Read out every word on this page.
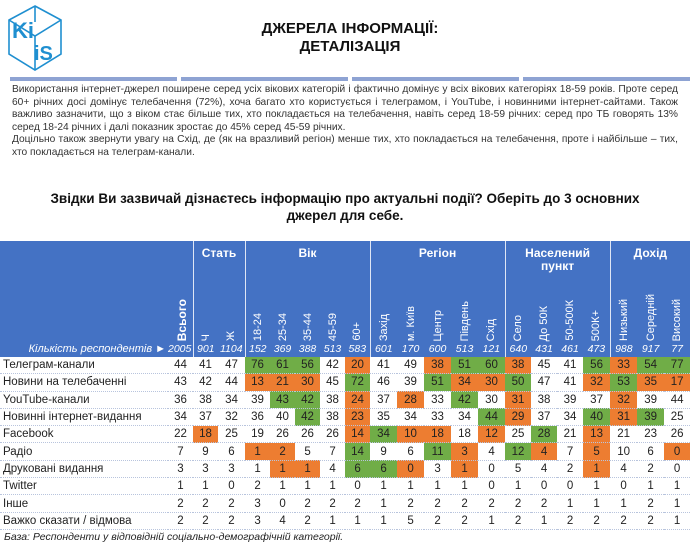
Ki
iS
ДЖЕРЕЛА ІНФОРМАЦІЇ:
ДЕТАЛІЗАЦІЯ

Використання інтернет-джерел поширене серед усіх вікових категорій і фактично домінує у всіх вікових категоріях 18-59 років. Проте серед 60+ річних досі домінує телебачення (72%), хоча багато хто користується і телеграмом, і YouTube, і новинними інтернет-сайтами. Також важливо зазначити, що з віком стає більше тих, хто покладається на телебачення, навіть серед 18-59 річних: серед про ТБ говорять 13% серед 18-24 річних і далі показник зростає до 45% серед 45-59 річних.

Доцільно також звернути увагу на Схід, де (як на вразливий регіон) менше тих, хто покладається на телебачення, проте і найбільше – тих, хто покладається на телеграм-канали.

Звідки Ви зазвичай дізнаєтесь інформацію про актуальні події? Оберіть до 3 основних джерел для себе.
Всього		Стать		Вік					Регіон					Населений пункт				Дохід		

		Ч	Ж	18-24	25-34	35-44	45-59	60+	Захід	м. Київ	Центр	Південь	Схід	Село	До 50К	50-500К	500К+	Низький	Середній	Високий

Кількість респондентів ►	2005	901	1104	152	369	388	513	583	601	170	600	513	121	640	431	461	473	988	917	77
Телеграм-канали	44	41	47	76	61	56	42	20	41	49	38	51	60	38	45	41	56	33	54	77
Новини на телебаченні	43	42	44	13	21	30	45	72	46	39	51	34	30	50	47	41	32	53	35	17
YouTube-канали	36	38	34	39	43	42	38	24	37	28	33	42	30	31	38	39	37	32	39	44
Новинні інтернет-видання	34	37	32	36	40	42	38	23	35	34	33	34	44	29	37	34	40	31	39	25
Facebook	22	18	25	19	26	26	26	14	34	10	18	18	12	25	28	21	13	21	23	26
Радіо	7	9	6	1	2	5	7	14	9	6	11	3	4	12	4	7	5	10	6	0
Друковані видання	3	3	3	1	1	1	4	6	6	0	3	1	0	5	4	2	1	4	2	0
Twitter	1	1	0	2	1	1	1	0	1	1	1	1	0	1	0	0	1	0	1	1
Інше	2	2	2	3	0	2	2	2	1	2	2	2	2	2	2	1	1	1	2	1
Важко сказати / відмова	2	2	2	3	4	2	1	1	1	5	2	2	1	2	1	2	2	2	2	1
База: Респонденти у відповідній соціально-демографічній категорії.
